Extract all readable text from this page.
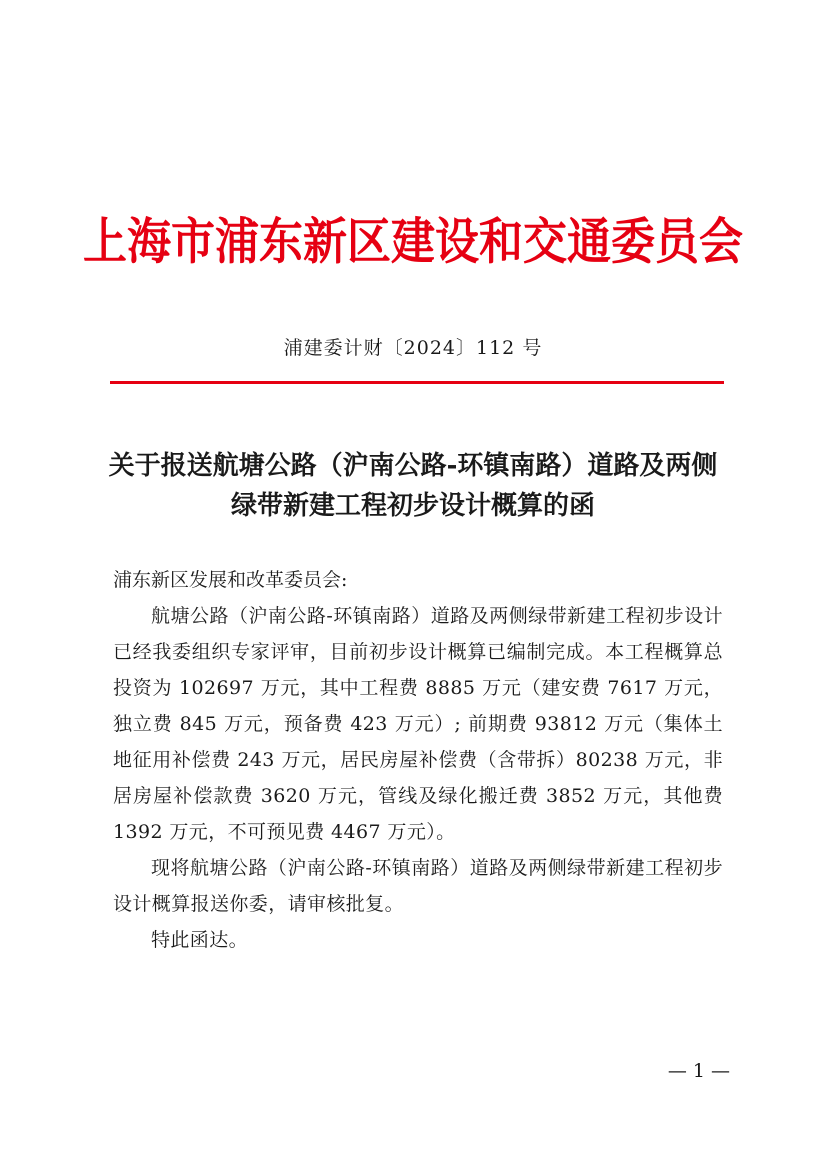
上海市浦东新区建设和交通委员会
浦建委计财〔2024〕112 号
关于报送航塘公路（沪南公路-环镇南路）道路及两侧绿带新建工程初步设计概算的函
浦东新区发展和改革委员会:

航塘公路（沪南公路-环镇南路）道路及两侧绿带新建工程初步设计已经我委组织专家评审，目前初步设计概算已编制完成。本工程概算总投资为 102697 万元，其中工程费 8885 万元（建安费 7617 万元，独立费 845 万元，预备费 423 万元）; 前期费 93812 万元（集体土地征用补偿费 243 万元，居民房屋补偿费（含带拆）80238 万元，非居房屋补偿款费 3620 万元，管线及绿化搬迁费 3852 万元，其他费 1392 万元，不可预见费 4467 万元）。

现将航塘公路（沪南公路-环镇南路）道路及两侧绿带新建工程初步设计概算报送你委，请审核批复。

特此函达。

— 1 —
